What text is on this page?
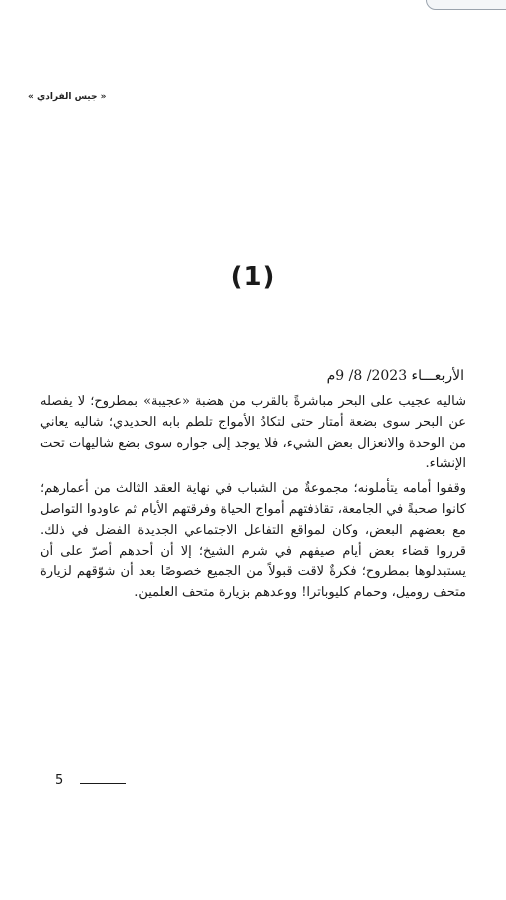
« جيس الفرادي »
(1)
الأربعـــاء 2023/ 8/ 9م

شاليه عجيب على البحر مباشرةً بالقرب من هضبة «عجيبة» بمطروح؛ لا يفصله عن البحر سوى بضعة أمتار حتى لتكادُ الأمواج تلطم بابه الحديدي؛ شاليه يعاني من الوحدة والانعزال بعض الشيء، فلا يوجد إلى جواره سوى بضع شاليهات تحت الإنشاء.

وقفوا أمامه يتأملونه؛ مجموعةٌ من الشباب في نهاية العقد الثالث من أعمارهم؛ كانوا صحبةً في الجامعة، تقاذفتهم أمواج الحياة وفرقتهم الأيام ثم عاودوا التواصل مع بعضهم البعض، وكان لمواقع التفاعل الاجتماعي الجديدة الفضل في ذلك. قرروا قضاء بعض أيام صيفهم في شرم الشيخ؛ إلا أن أحدهم أصرّ على أن يستبدلوها بمطروح؛ فكرةٌ لاقت قبولاً من الجميع خصوصًا بعد أن شوّقهم لزيارة متحف روميل، وحمام كليوباترا! ووعدهم بزيارة متحف العلمين.

5
